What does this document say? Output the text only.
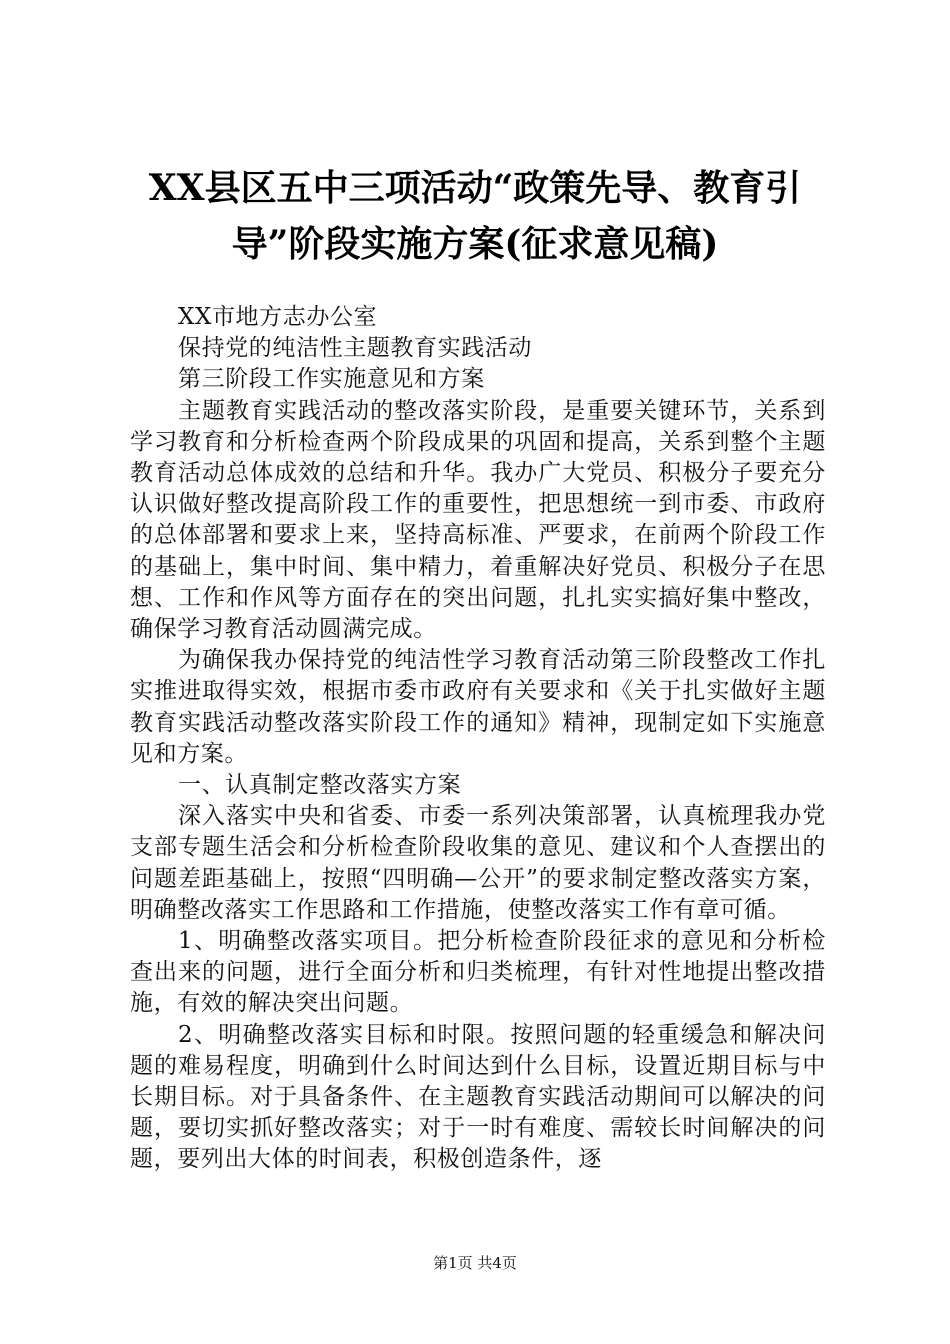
XX县区五中三项活动“政策先导、教育引
导”阶段实施方案(征求意见稿)

XX市地方志办公室

保持党的纯洁性主题教育实践活动

第三阶段工作实施意见和方案

主题教育实践活动的整改落实阶段，是重要关键环节，关系到学习教育和分析检查两个阶段成果的巩固和提高，关系到整个主题教育活动总体成效的总结和升华。我办广大党员、积极分子要充分认识做好整改提高阶段工作的重要性，把思想统一到市委、市政府的总体部署和要求上来，坚持高标准、严要求，在前两个阶段工作的基础上，集中时间、集中精力，着重解决好党员、积极分子在思想、工作和作风等方面存在的突出问题，扎扎实实搞好集中整改，确保学习教育活动圆满完成。

为确保我办保持党的纯洁性学习教育活动第三阶段整改工作扎实推进取得实效，根据市委市政府有关要求和《关于扎实做好主题教育实践活动整改落实阶段工作的通知》精神，现制定如下实施意见和方案。

一、认真制定整改落实方案

深入落实中央和省委、市委一系列决策部署，认真梳理我办党支部专题生活会和分析检查阶段收集的意见、建议和个人查摆出的问题差距基础上，按照“四明确—公开”的要求制定整改落实方案，明确整改落实工作思路和工作措施，使整改落实工作有章可循。

1、明确整改落实项目。把分析检查阶段征求的意见和分析检查出来的问题，进行全面分析和归类梳理，有针对性地提出整改措施，有效的解决突出问题。

2、明确整改落实目标和时限。按照问题的轻重缓急和解决问题的难易程度，明确到什么时间达到什么目标，设置近期目标与中长期目标。对于具备条件、在主题教育实践活动期间可以解决的问题，要切实抓好整改落实；对于一时有难度、需较长时间解决的问题，要列出大体的时间表，积极创造条件，逐

第1页 共4页
